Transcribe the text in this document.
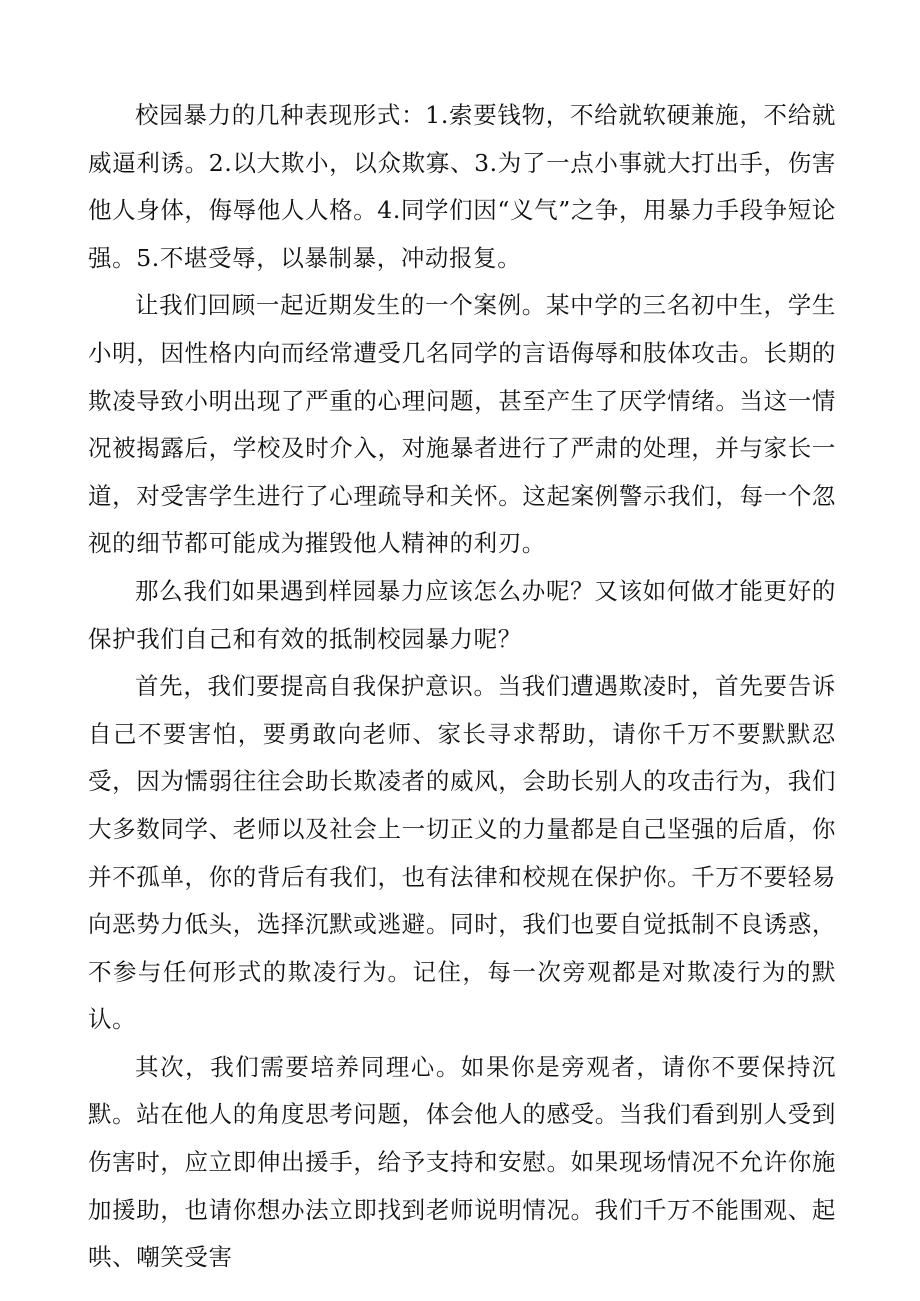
校园暴力的几种表现形式：1.索要钱物，不给就软硬兼施，不给就威逼利诱。2.以大欺小，以众欺寡、3.为了一点小事就大打出手，伤害他人身体，侮辱他人人格。4.同学们因“义气”之争，用暴力手段争短论强。5.不堪受辱，以暴制暴，冲动报复。

让我们回顾一起近期发生的一个案例。某中学的三名初中生，学生小明，因性格内向而经常遭受几名同学的言语侮辱和肢体攻击。长期的欺凌导致小明出现了严重的心理问题，甚至产生了厌学情绪。当这一情况被揭露后，学校及时介入，对施暴者进行了严肃的处理，并与家长一道，对受害学生进行了心理疏导和关怀。这起案例警示我们，每一个忽视的细节都可能成为摧毁他人精神的利刃。

那么我们如果遇到样园暴力应该怎么办呢？又该如何做才能更好的保护我们自己和有效的抵制校园暴力呢？

首先，我们要提高自我保护意识。当我们遭遇欺凌时，首先要告诉自己不要害怕，要勇敢向老师、家长寻求帮助，请你千万不要默默忍受，因为懦弱往往会助长欺凌者的威风，会助长别人的攻击行为，我们大多数同学、老师以及社会上一切正义的力量都是自己坚强的后盾，你并不孤单，你的背后有我们，也有法律和校规在保护你。千万不要轻易向恶势力低头，选择沉默或逃避。同时，我们也要自觉抵制不良诱惑，不参与任何形式的欺凌行为。记住，每一次旁观都是对欺凌行为的默认。

其次，我们需要培养同理心。如果你是旁观者，请你不要保持沉默。站在他人的角度思考问题，体会他人的感受。当我们看到别人受到伤害时，应立即伸出援手，给予支持和安慰。如果现场情况不允许你施加援助，也请你想办法立即找到老师说明情况。我们千万不能围观、起哄、嘲笑受害
